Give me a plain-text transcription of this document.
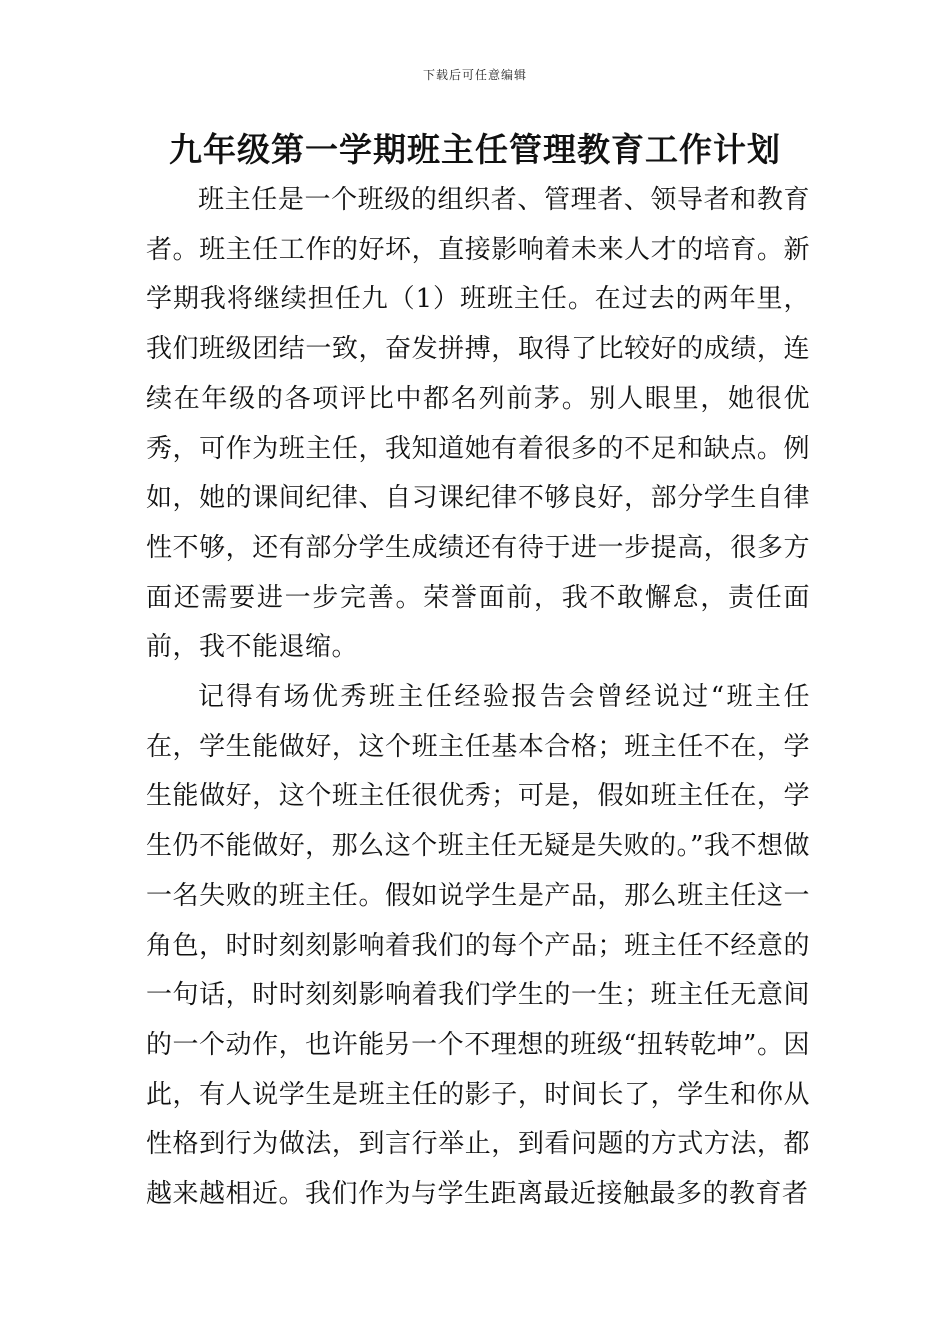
下载后可任意编辑
九年级第一学期班主任管理教育工作计划

班主任是一个班级的组织者、管理者、领导者和教育者。班主任工作的好坏，直接影响着未来人才的培育。新学期我将继续担任九（1）班班主任。在过去的两年里，我们班级团结一致，奋发拼搏，取得了比较好的成绩，连续在年级的各项评比中都名列前茅。别人眼里，她很优秀，可作为班主任，我知道她有着很多的不足和缺点。例如，她的课间纪律、自习课纪律不够良好，部分学生自律性不够，还有部分学生成绩还有待于进一步提高，很多方面还需要进一步完善。荣誉面前，我不敢懈怠，责任面前，我不能退缩。

记得有场优秀班主任经验报告会曾经说过“班主任在，学生能做好，这个班主任基本合格；班主任不在，学生能做好，这个班主任很优秀；可是，假如班主任在，学生仍不能做好，那么这个班主任无疑是失败的。”我不想做一名失败的班主任。假如说学生是产品，那么班主任这一角色，时时刻刻影响着我们的每个产品；班主任不经意的一句话，时时刻刻影响着我们学生的一生；班主任无意间的一个动作，也许能另一个不理想的班级“扭转乾坤”。因此，有人说学生是班主任的影子，时间长了，学生和你从性格到行为做法，到言行举止，到看问题的方式方法，都越来越相近。我们作为与学生距离最近接触最多的教育者
